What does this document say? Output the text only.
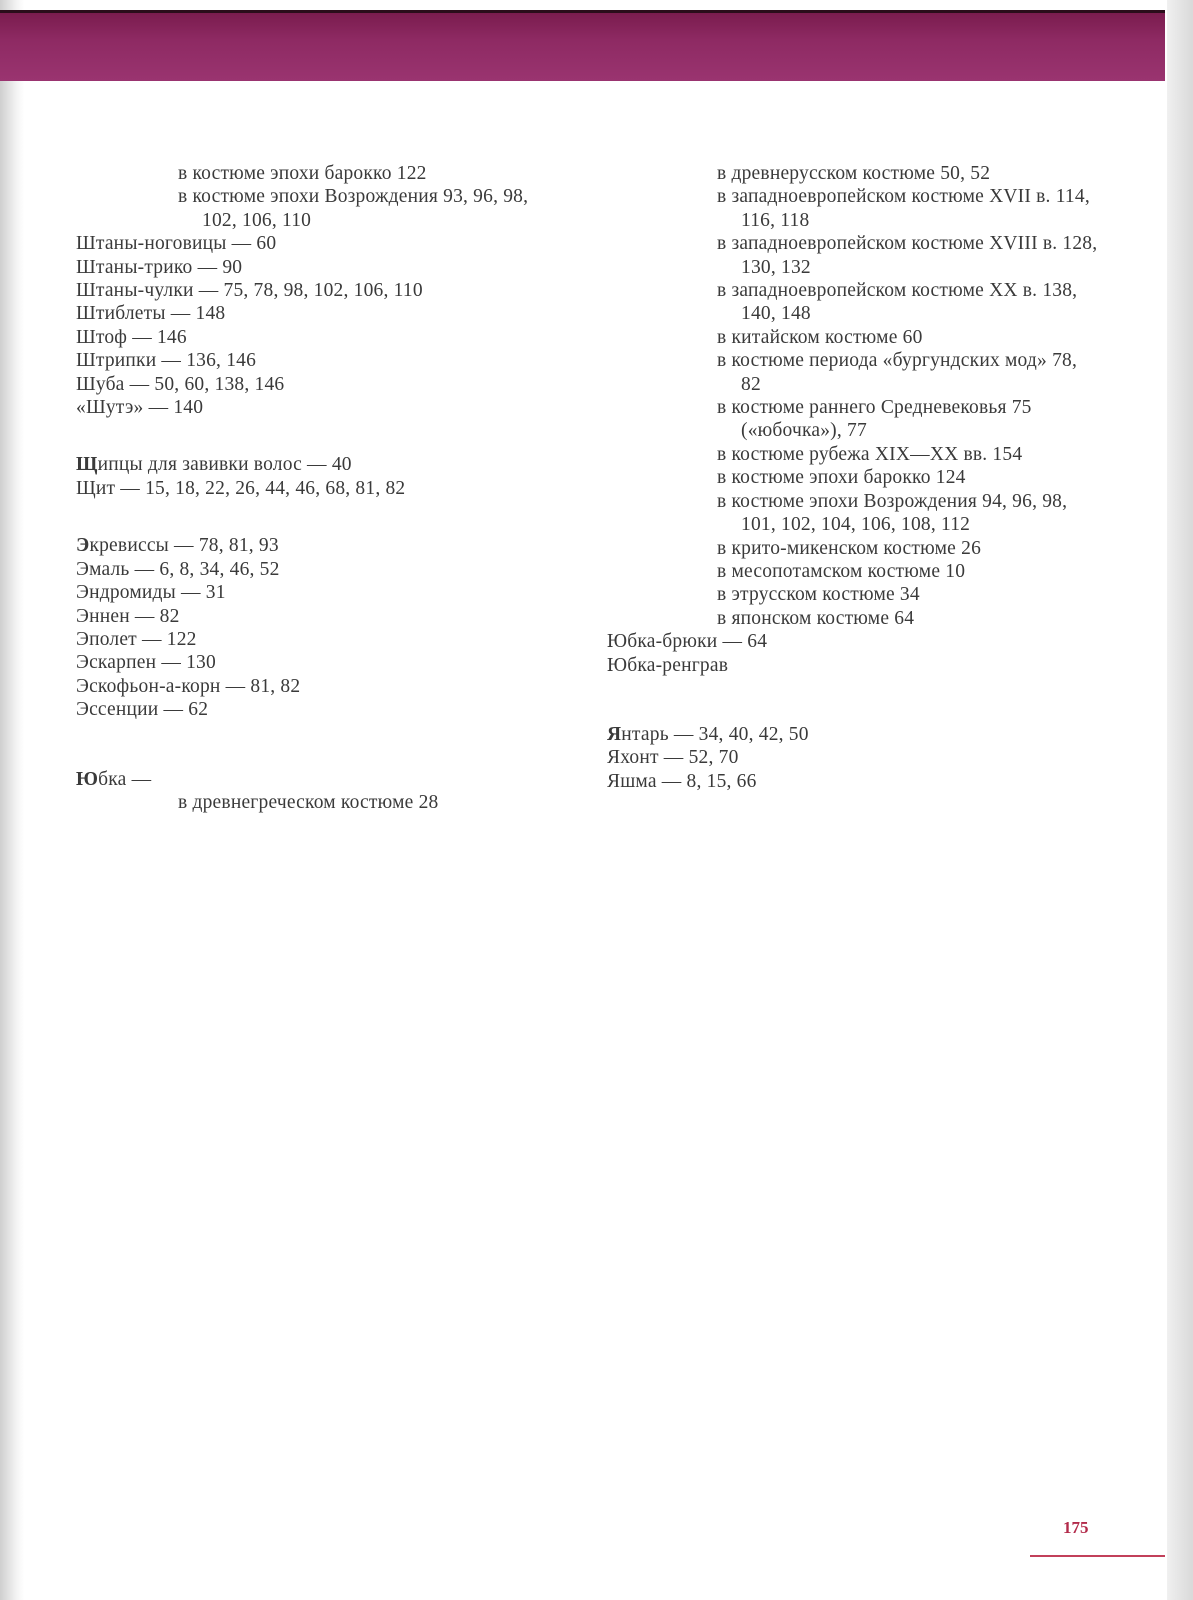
в костюме эпохи барокко 122
в костюме эпохи Возрождения 93, 96, 98,
102, 106, 110
Штаны-ноговицы — 60
Штаны-трико — 90
Штаны-чулки — 75, 78, 98, 102, 106, 110
Штиблеты — 148
Штоф — 146
Штрипки — 136, 146
Шуба — 50, 60, 138, 146
«Шутэ» — 140
Щипцы для завивки волос — 40
Щит — 15, 18, 22, 26, 44, 46, 68, 81, 82
Экревиссы — 78, 81, 93
Эмаль — 6, 8, 34, 46, 52
Эндромиды — 31
Эннен — 82
Эполет — 122
Эскарпен — 130
Эскофьон-а-корн — 81, 82
Эссенции — 62
Юбка —
в древнегреческом костюме 28
в древнерусском костюме 50, 52
в западноевропейском костюме XVII в. 114,
116, 118
в западноевропейском костюме XVIII в. 128,
130, 132
в западноевропейском костюме XX в. 138,
140, 148
в китайском костюме 60
в костюме периода «бургундских мод» 78,
82
в костюме раннего Средневековья 75
(«юбочка»), 77
в костюме рубежа XIX—XX вв. 154
в костюме эпохи барокко 124
в костюме эпохи Возрождения 94, 96, 98,
101, 102, 104, 106, 108, 112
в крито-микенском костюме 26
в месопотамском костюме 10
в этрусском костюме 34
в японском костюме 64
Юбка-брюки — 64
Юбка-ренграв
Янтарь — 34, 40, 42, 50
Яхонт — 52, 70
Яшма — 8, 15, 66
175
